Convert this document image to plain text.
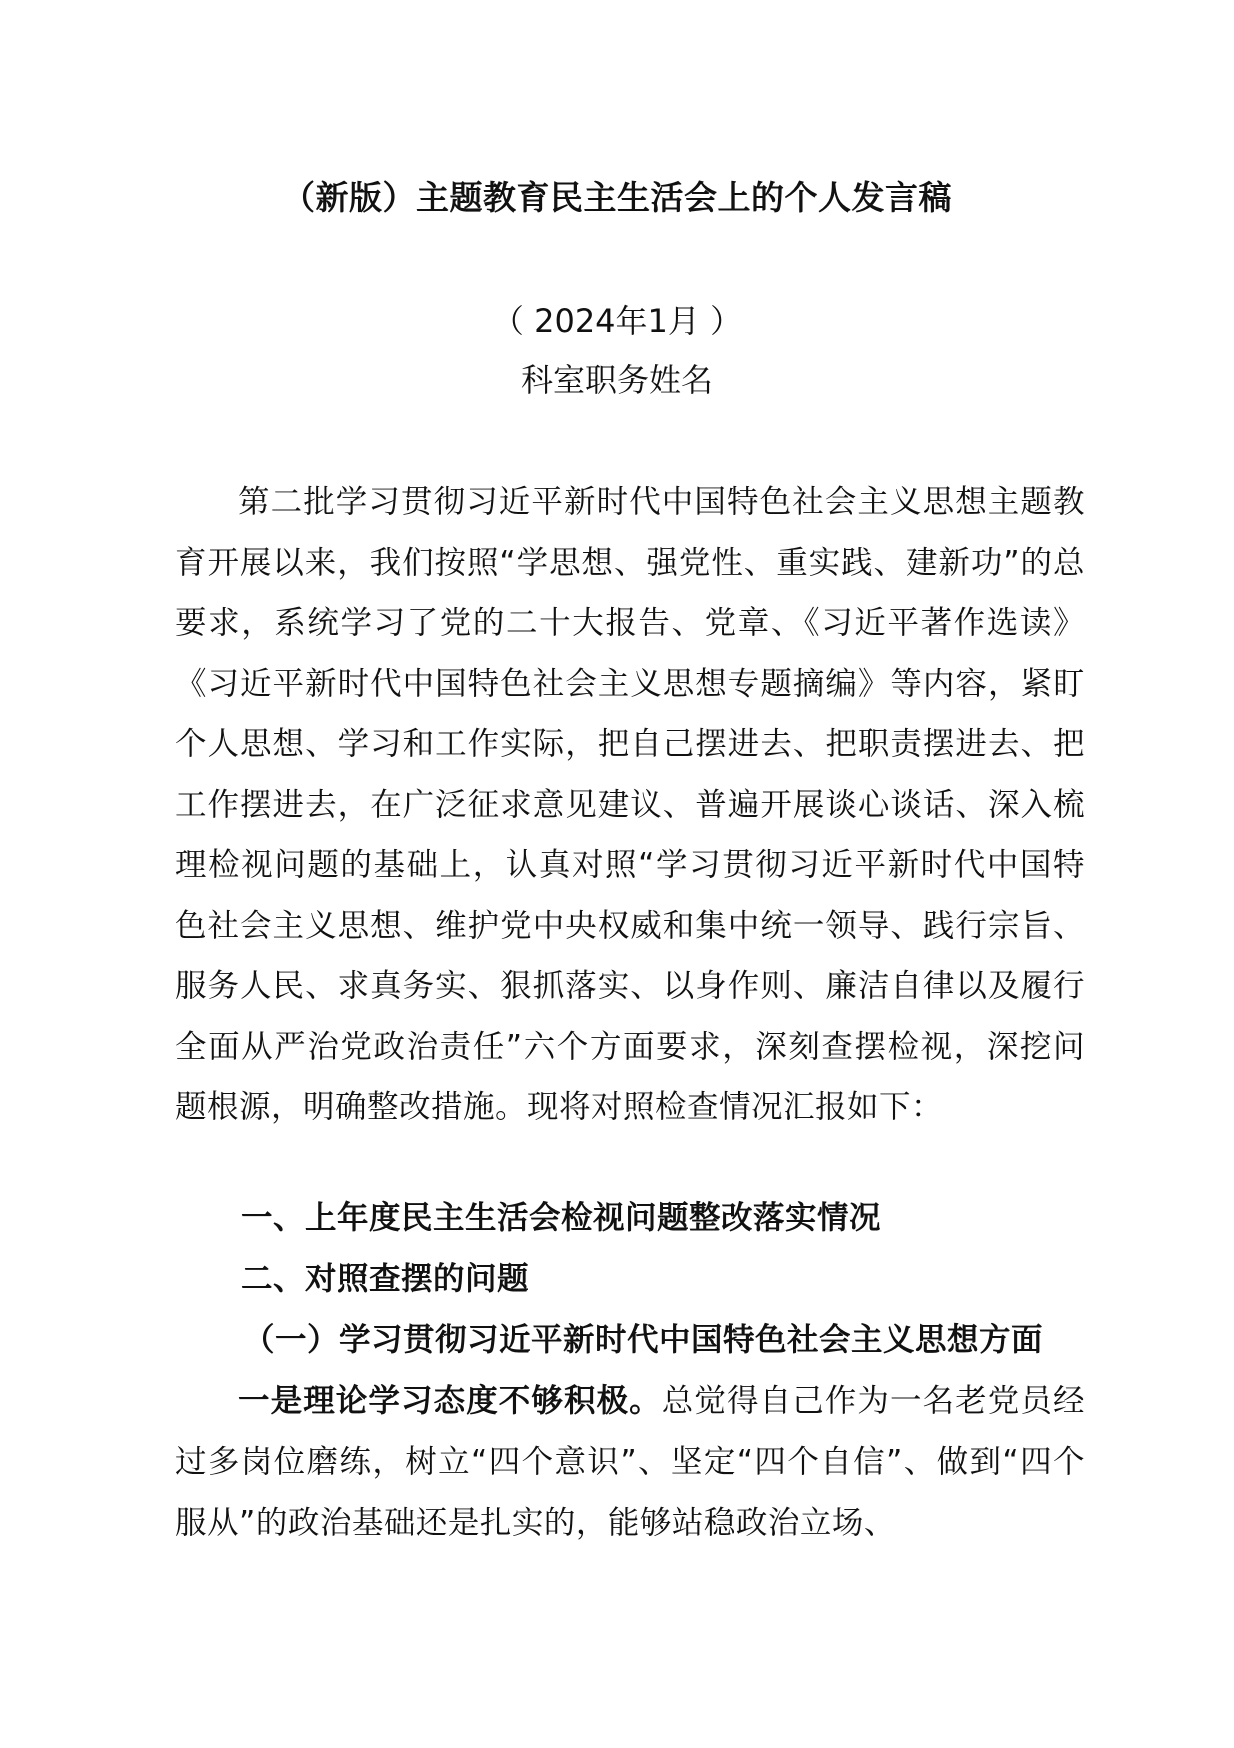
（新版）主题教育民主生活会上的个人发言稿
（ 2024年1月 ）
科室职务姓名
第二批学习贯彻习近平新时代中国特色社会主义思想主题教育开展以来，我们按照“学思想、强党性、重实践、建新功”的总要求，系统学习了党的二十大报告、党章、《习近平著作选读》《习近平新时代中国特色社会主义思想专题摘编》等内容，紧盯个人思想、学习和工作实际，把自己摆进去、把职责摆进去、把工作摆进去，在广泛征求意见建议、普遍开展谈心谈话、深入梳理检视问题的基础上，认真对照“学习贯彻习近平新时代中国特色社会主义思想、维护党中央权威和集中统一领导、践行宗旨、服务人民、求真务实、狠抓落实、以身作则、廉洁自律以及履行全面从严治党政治责任”六个方面要求，深刻查摆检视，深挖问题根源，明确整改措施。现将对照检查情况汇报如下：
一、上年度民主生活会检视问题整改落实情况
二、对照查摆的问题
（一）学习贯彻习近平新时代中国特色社会主义思想方面
一是理论学习态度不够积极。总觉得自己作为一名老党员经过多岗位磨练，树立“四个意识”、坚定“四个自信”、做到“四个服从”的政治基础还是扎实的，能够站稳政治立场、
